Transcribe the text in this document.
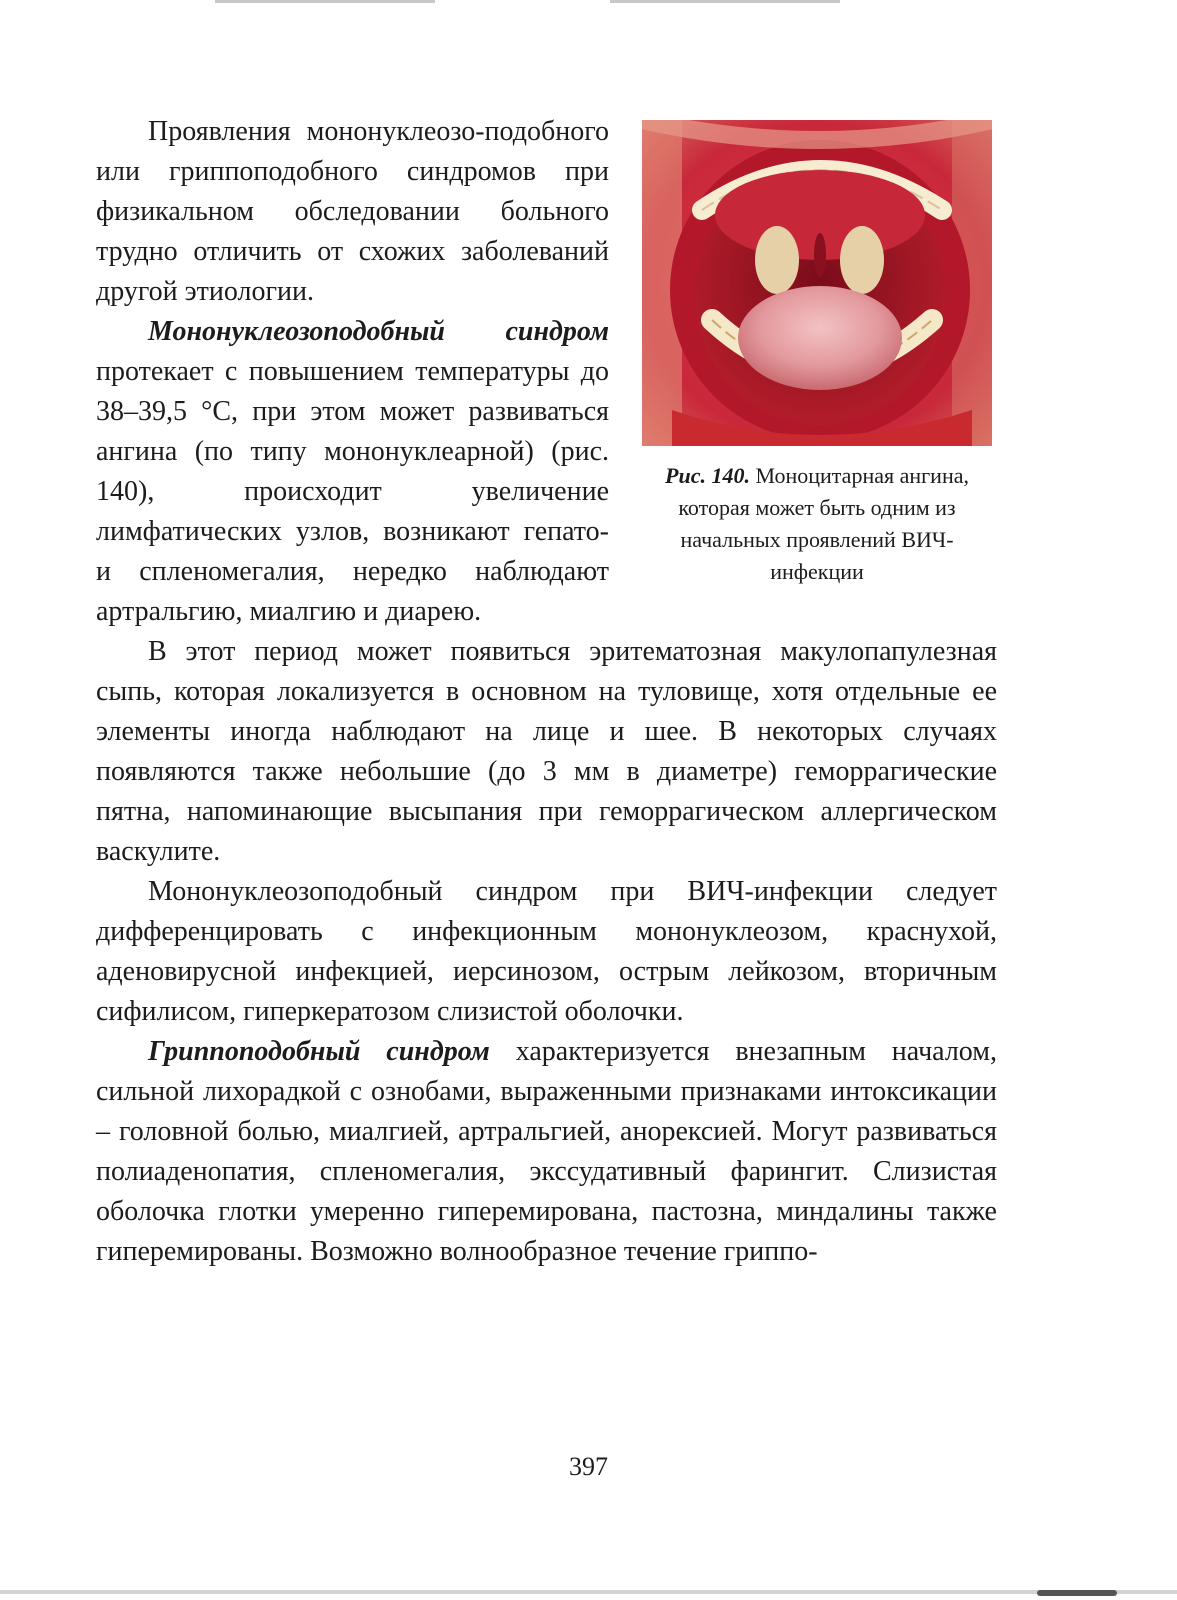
Рис. 140. Моноцитарная ангина, которая может быть одним из начальных проявлений ВИЧ-инфекции

Проявления мононуклеозо-подобного или гриппоподобного синдромов при физикальном обследовании больного трудно отличить от схожих заболеваний другой этиологии.

Мононуклеозоподобный синдром протекает с повышением температуры до 38–39,5 °С, при этом может развиваться ангина (по типу мононуклеарной) (рис. 140), происходит увеличение лимфатических узлов, возникают гепато- и спленомегалия, нередко наблюдают артральгию, миалгию и диарею.

В этот период может появиться эритематозная макулопапулезная сыпь, которая локализуется в основном на туловище, хотя отдельные ее элементы иногда наблюдают на лице и шее. В некоторых случаях появляются также небольшие (до 3 мм в диаметре) геморрагические пятна, напоминающие высыпания при геморрагическом аллергическом васкулите.

Мононуклеозоподобный синдром при ВИЧ-инфекции следует дифференцировать с инфекционным мононуклеозом, краснухой, аденовирусной инфекцией, иерсинозом, острым лейкозом, вторичным сифилисом, гиперкератозом слизистой оболочки.

Гриппоподобный синдром характеризуется внезапным началом, сильной лихорадкой с ознобами, выраженными признаками интоксикации – головной болью, миалгией, артральгией, анорексией. Могут развиваться полиаденопатия, спленомегалия, экссудативный фарингит. Слизистая оболочка глотки умеренно гиперемирована, пастозна, миндалины также гиперемированы. Возможно волнообразное течение гриппо-

397
